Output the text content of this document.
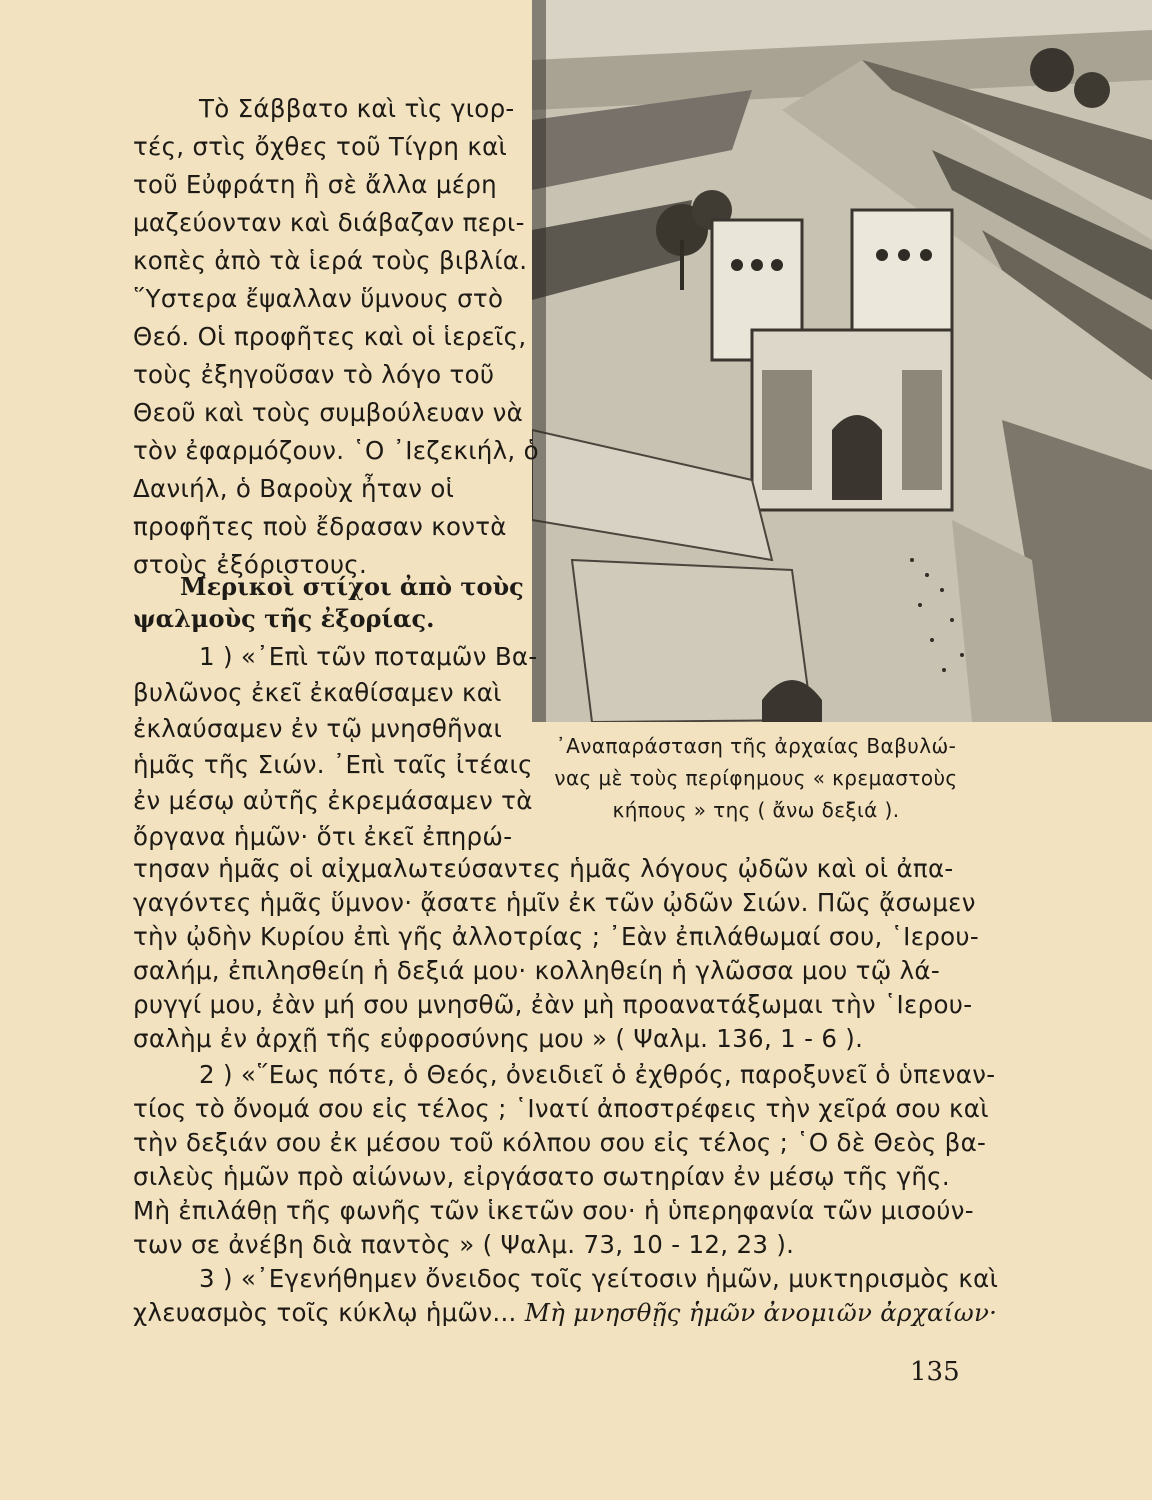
᾿Αναπαράσταση τῆς ἀρχαίας Βαβυλώ-
νας μὲ τοὺς περίφημους « κρεμαστοὺς
κήπους » της ( ἄνω δεξιά ).
Τὸ Σάββατο καὶ τὶς γιορ-
τές, στὶς ὄχθες τοῦ Τίγρη καὶ
τοῦ Εὐφράτη ἢ σὲ ἄλλα μέρη
μαζεύονταν καὶ διάβαζαν περι-
κοπὲς ἀπὸ τὰ ἱερά τοὺς βιβλία.
῞Υστερα ἔψαλλαν ὕμνους στὸ
Θεό. Οἱ προφῆτες καὶ οἱ ἱερεῖς,
τοὺς ἐξηγοῦσαν τὸ λόγο τοῦ
Θεοῦ καὶ τοὺς συμβούλευαν νὰ
τὸν ἐφαρμόζουν. ῾Ο ᾿Ιεζεκιήλ, ὁ
Δανιήλ, ὁ Βαροὺχ ἦταν οἱ
προφῆτες ποὺ ἔδρασαν κοντὰ
στοὺς ἐξόριστους.
Μερικοὶ στίχοι ἀπὸ τοὺς
ψαλμοὺς τῆς ἐξορίας.
1 ) «᾿Επὶ τῶν ποταμῶν Βα-
βυλῶνος ἐκεῖ ἐκαθίσαμεν καὶ
ἐκλαύσαμεν ἐν τῷ μνησθῆναι
ἡμᾶς τῆς Σιών. ᾿Επὶ ταῖς ἰτέαις
ἐν μέσῳ αὐτῆς ἐκρεμάσαμεν τὰ
ὄργανα ἡμῶν· ὅτι ἐκεῖ ἐπηρώ-
τησαν ἡμᾶς οἱ αἰχμαλωτεύσαντες ἡμᾶς λόγους ᾠδῶν καὶ οἱ ἀπα-
γαγόντες ἡμᾶς ὕμνον· ᾄσατε ἡμῖν ἐκ τῶν ᾠδῶν Σιών. Πῶς ᾄσωμεν
τὴν ᾠδὴν Κυρίου ἐπὶ γῆς ἀλλοτρίας ; ᾿Εὰν ἐπιλάθωμαί σου, ῾Ιερου-
σαλήμ, ἐπιλησθείη ἡ δεξιά μου· κολληθείη ἡ γλῶσσα μου τῷ λά-
ρυγγί μου, ἐὰν μή σου μνησθῶ, ἐὰν μὴ προανατάξωμαι τὴν ῾Ιερου-
σαλὴμ ἐν ἀρχῇ τῆς εὐφροσύνης μου » ( Ψαλμ. 136, 1 - 6 ).
2 ) «῞Εως πότε, ὁ Θεός, ὀνειδιεῖ ὁ ἐχθρός, παροξυνεῖ ὁ ὑπεναν-
τίος τὸ ὄνομά σου εἰς τέλος ; ῾Ινατί ἀποστρέφεις τὴν χεῖρά σου καὶ
τὴν δεξιάν σου ἐκ μέσου τοῦ κόλπου σου εἰς τέλος ; ῾Ο δὲ Θεὸς βα-
σιλεὺς ἡμῶν πρὸ αἰώνων, εἰργάσατο σωτηρίαν ἐν μέσῳ τῆς γῆς.
Μὴ ἐπιλάθῃ τῆς φωνῆς τῶν ἱκετῶν σου· ἡ ὑπερηφανία τῶν μισούν-
των σε ἀνέβη διὰ παντὸς » ( Ψαλμ. 73, 10 - 12, 23 ).
3 ) «᾿Εγενήθημεν ὄνειδος τοῖς γείτοσιν ἡμῶν, μυκτηρισμὸς καὶ
χλευασμὸς τοῖς κύκλῳ ἡμῶν... Μὴ μνησθῇς ἡμῶν ἀνομιῶν ἀρχαίων·
135
